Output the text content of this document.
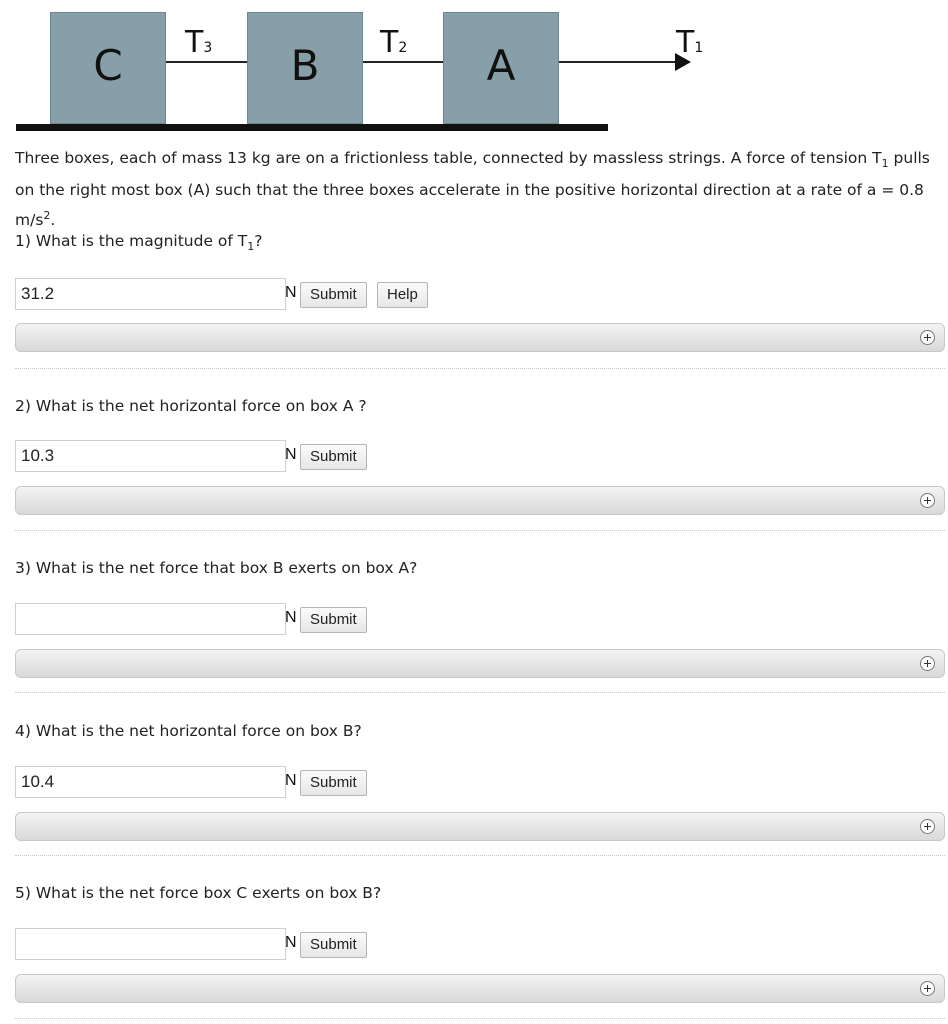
C	B	A
T3	T2	T1
Three boxes, each of mass 13 kg are on a frictionless table, connected by massless strings. A force of tension $T_1$ pulls on the right most box (A) such that the three boxes accelerate in the positive horizontal direction at a rate of a = 0.8 $m/s^2$.
1) What is the magnitude of $T_1$?
31.2
N Submit	Help
2) What is the net horizontal force on box A ?
10.3
N Submit
3) What is the net force that box B exerts on box A?
N Submit
4) What is the net horizontal force on box B?
10.4
N Submit
5) What is the net force box C exerts on box B?
N Submit
